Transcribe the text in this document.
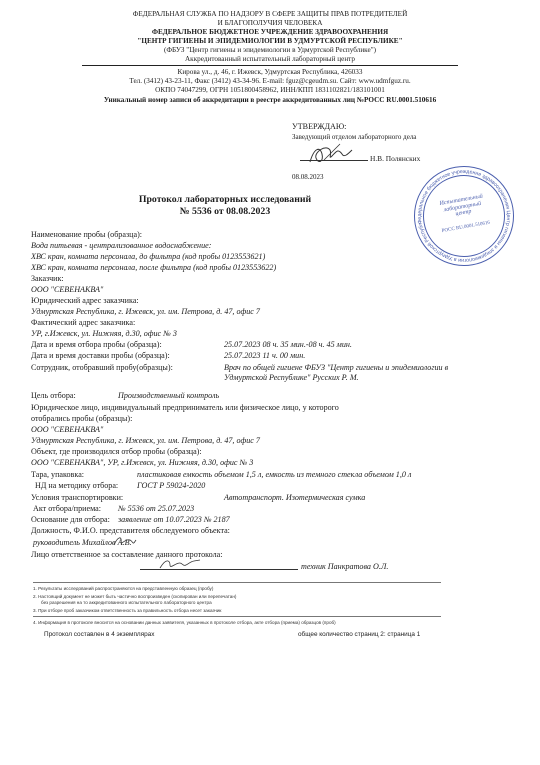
ФЕДЕРАЛЬНАЯ СЛУЖБА ПО НАДЗОРУ В СФЕРЕ ЗАЩИТЫ ПРАВ ПОТРЕДИТЕЛЕЙ
И БЛАГОПОЛУЧИЯ ЧЕЛОВЕКА
ФЕДЕРАЛЬНОЕ БЮДЖЕТНОЕ УЧРЕЖДЕНИЕ ЗДРАВООХРАНЕНИЯ
"ЦЕНТР ГИГИЕНЫ И ЭПИДЕМИОЛОГИИ В УДМУРТСКОЙ РЕСПУБЛИКЕ"
(ФБУЗ "Центр гигиены и эпидемиологии в Удмуртской Республике")
Аккредитованный испытательный лабораторный центр
Кирова ул., д. 46, г. Ижевск, Удмуртская Республика, 426033
Тел. (3412) 43-23-11, Факс (3412) 43-34-96. E-mail: fguz@cgeudm.su. Сайт: www.udmfguz.ru.
ОКПО 74047299, ОГРН 1051800458962, ИНН/КПП 1831102821/183101001
Уникальный номер записи об аккредитации в реестре аккредитованных лиц №РОСС RU.0001.510616
УТВЕРЖДАЮ:
Заведующий отделом лабораторного дела
Н.В. Полянских
08.08.2023
Федеральное бюджетное учреждение здравоохранения Центр гигиены и эпидемиологии в Удмуртской Республике
Испытательный лабораторный центр
РОСС RU.0001.510616
Протокол лабораторных исследований
№ 5536 от 08.08.2023
Наименование пробы (образца):
Вода питьевая - централизованное водоснабжение:
ХВС кран, комната персонала, до фильтра (код пробы 0123553621)
ХВС кран, комната персонала, после фильтра (код пробы 0123553622)
Заказчик:
ООО "СЕВЕНАКВА"
Юридический адрес заказчика:
Удмуртская Республика, г. Ижевск, ул. им. Петрова, д. 47, офис 7
Фактический адрес заказчика:
УР, г.Ижевск, ул. Нижняя, д.30, офис № 3
Дата и время отбора пробы (образца):	25.07.2023 08 ч. 35 мин.-08 ч. 45 мин.
Дата и время доставки пробы (образца):	25.07.2023 11 ч. 00 мин.
Сотрудник, отобравший пробу(образцы):	Врач по общей гигиене ФБУЗ "Центр гигиены и эпидемиологии в
Удмуртской Республике" Русских Р. М.
Цель отбора:	Производственный контроль
Юридическое лицо, индивидуальный предприниматель или физическое лицо, у которого
отобрались пробы (образцы):
ООО "СЕВЕНАКВА"
Удмуртская Республика, г. Ижевск, ул. им. Петрова, д. 47, офис 7
Объект, где производился отбор пробы (образца):
ООО "СЕВЕНАКВА", УР, г.Ижевск, ул. Нижняя, д.30, офис № 3
Тара, упаковка:	пластиковая емкость объемом 1,5 л, емкость из темного стекла объемом 1,0 л
НД на методику отбора: ГОСТ Р 59024-2020
Условия транспортировки:	Автотранспорт. Изотермическая сумка
Акт отбора/приема: № 5536 от 25.07.2023
Основание для отбора: заявление от 10.07.2023 № 2187
Должность, Ф.И.О. представителя обследуемого объекта:
руководитель Михайлов А.В.
Лицо ответственное за составление данного протокола:
техник Панкратова О.Л.
1. Результаты исследований распространяются на представленную образец (пробу)
2. Настоящий документ не может быть частично воспроизведен (скопирован или перепечатан)
без разрешения на то аккредитованного испытательного лабораторного центра
3. При отборе проб заказчиком ответственность за правильность отбора несет заказчик
4. Информация в протоколе вносится на основании данных заявителя, указанных в протоколе отбора, акте отбора (приема) образцов (проб)
Протокол составлен в 4 экземплярах	общее количество страниц 2: страница 1
